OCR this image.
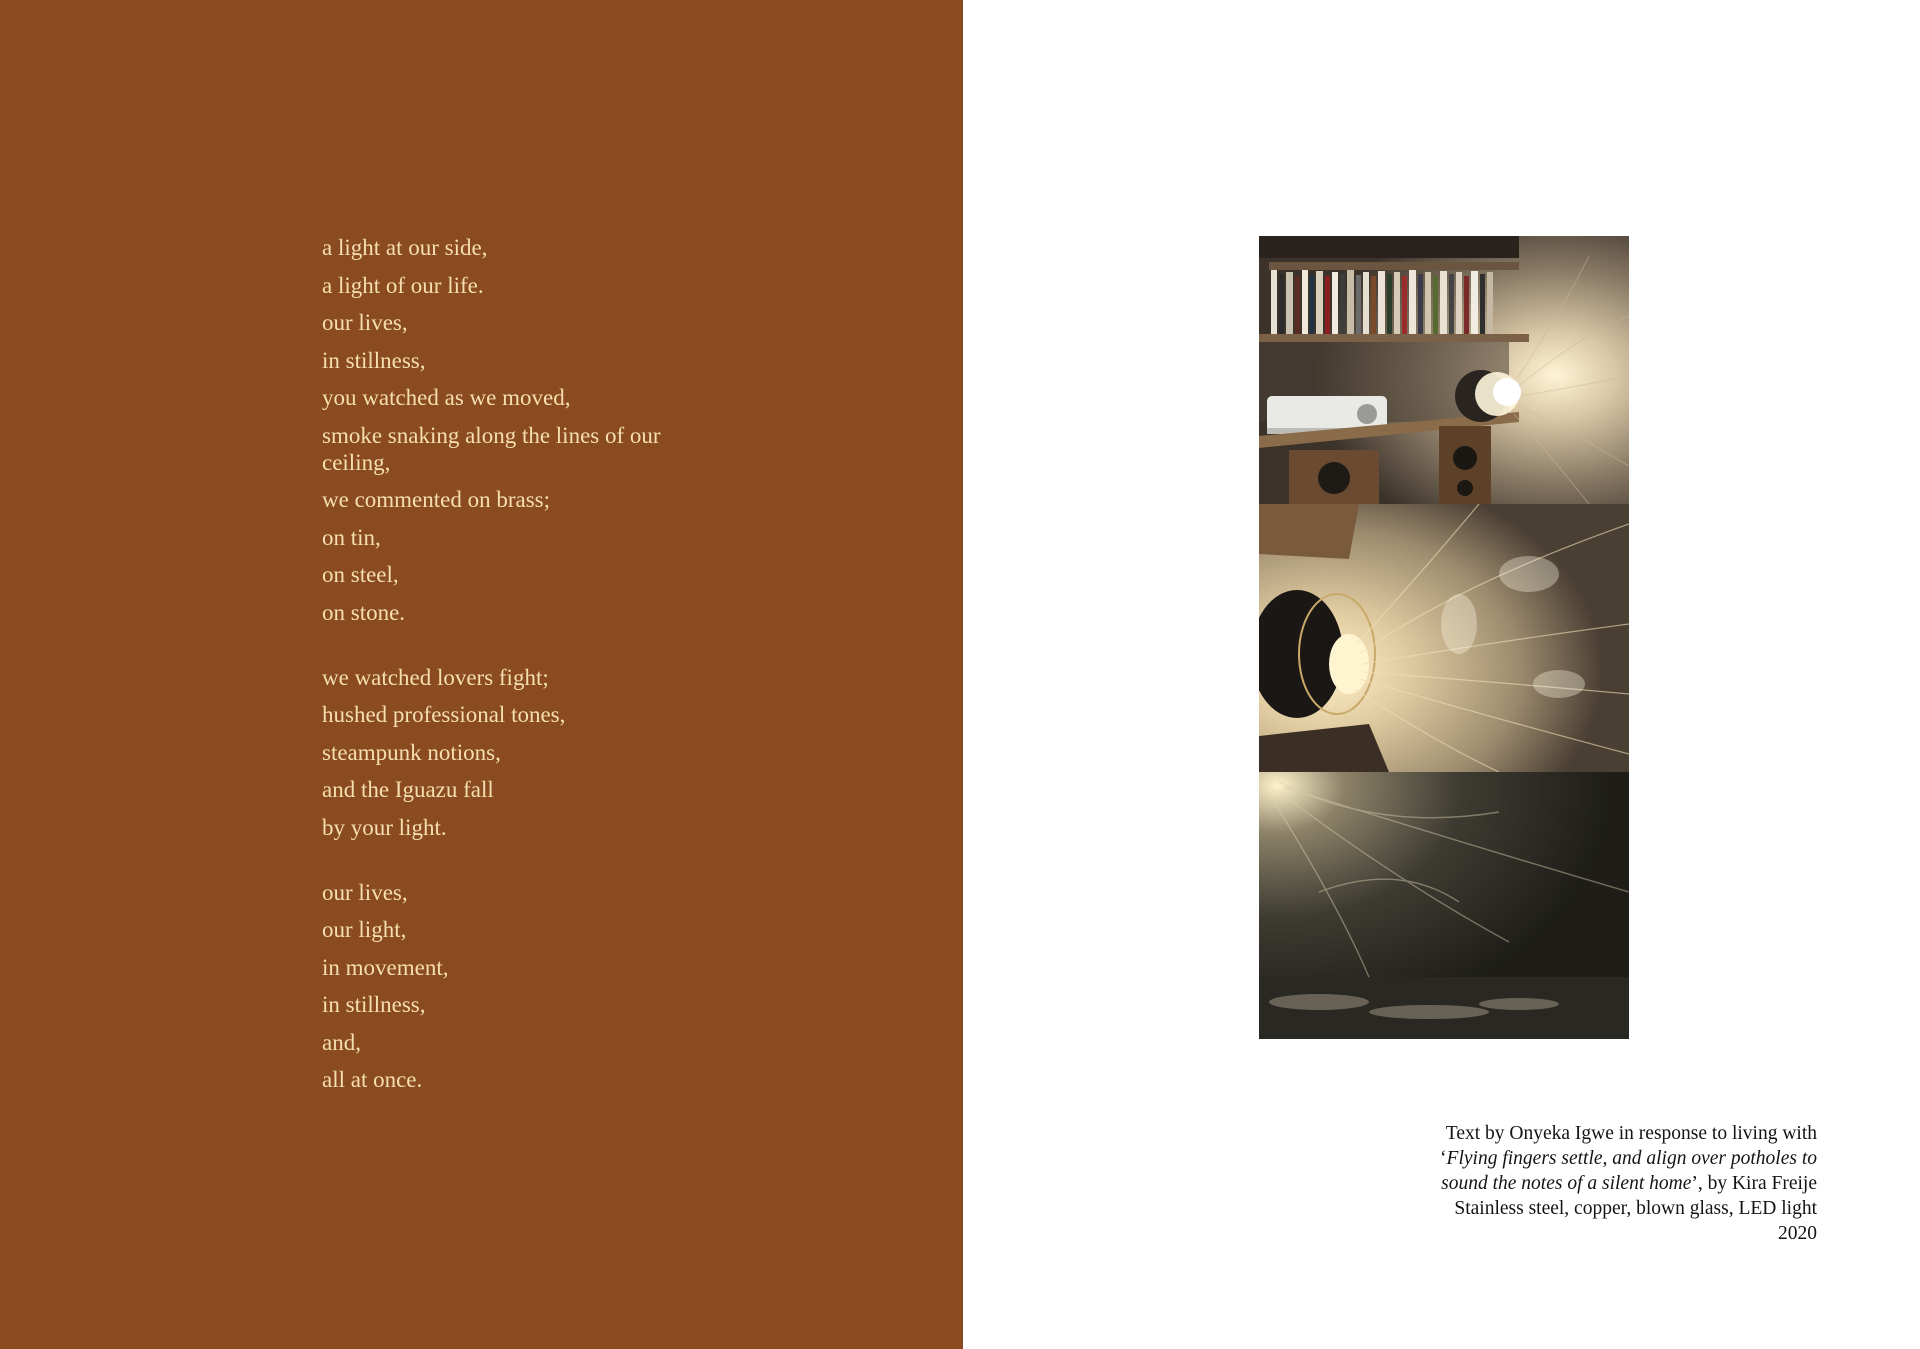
a light at our side,
a light of our life.
our lives,
in stillness,
you watched as we moved,
smoke snaking along the lines of our ceiling,
we commented on brass;
on tin,
on steel,
on stone.
we watched lovers fight;
hushed professional tones,
steampunk notions,
and the Iguazu fall
by your light.
our lives,
our light,
in movement,
in stillness,
and,
all at once.
Text by Onyeka Igwe in response to living with
‘Flying fingers settle, and align over potholes to
sound the notes of a silent home’, by Kira Freije
Stainless steel, copper, blown glass, LED light
2020
